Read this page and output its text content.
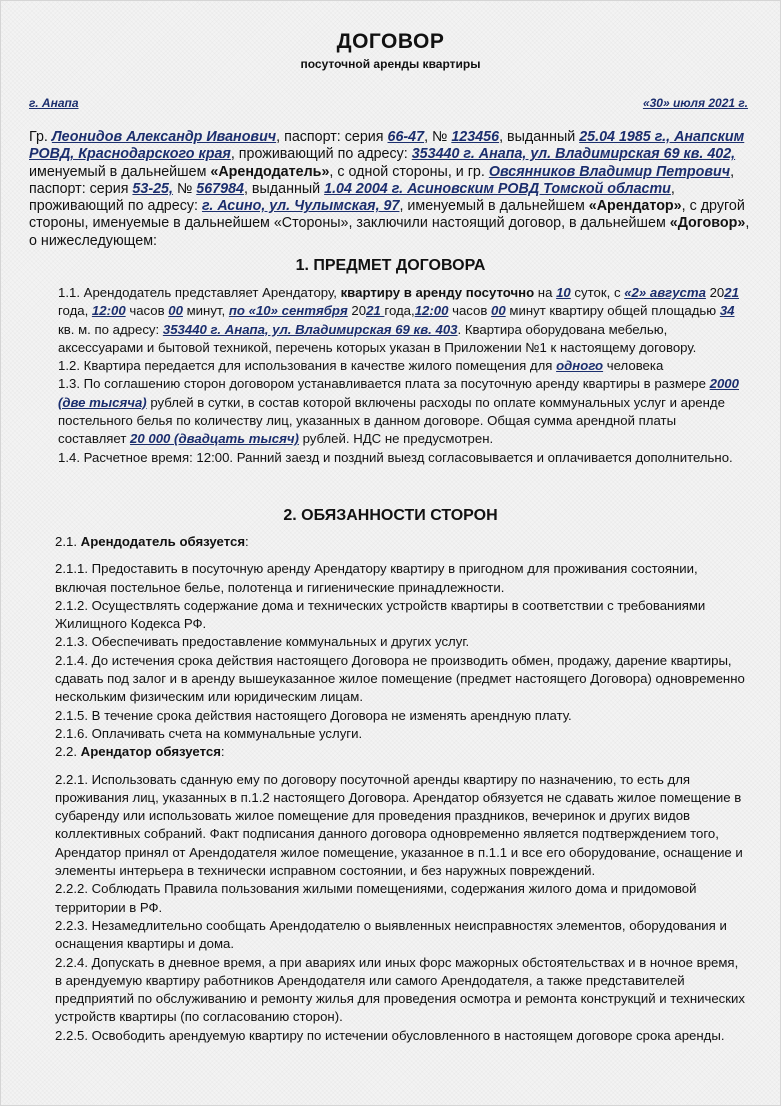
ДОГОВОР
посуточной аренды квартиры
г. Анапа	«30» июля 2021 г.
Гр. Леонидов Александр Иванович, паспорт: серия 66-47, № 123456, выданный 25.04 1985 г., Анапским РОВД, Краснодарского края, проживающий по адресу: 353440 г. Анапа, ул. Владимирская 69 кв. 402, именуемый в дальнейшем «Арендодатель», с одной стороны, и гр. Овсянников Владимир Петрович, паспорт: серия 53-25, № 567984, выданный 1.04 2004 г. Асиновским РОВД Томской области, проживающий по адресу: г. Асино, ул. Чулымская, 97, именуемый в дальнейшем «Арендатор», с другой стороны, именуемые в дальнейшем «Стороны», заключили настоящий договор, в дальнейшем «Договор», о нижеследующем:
1. ПРЕДМЕТ ДОГОВОРА

1.1. Арендодатель представляет Арендатору, квартиру в аренду посуточно на 10 суток, с «2» августа 2021 года, 12:00 часов 00 минут, по «10» сентября 2021 года,12:00 часов 00 минут квартиру общей площадью 34 кв. м. по адресу: 353440 г. Анапа, ул. Владимирская 69 кв. 403. Квартира оборудована мебелью, аксессуарами и бытовой техникой, перечень которых указан в Приложении №1 к настоящему договору.

1.2. Квартира передается для использования в качестве жилого помещения для одного человека

1.3. По соглашению сторон договором устанавливается плата за посуточную аренду квартиры в размере 2000 (две тысяча) рублей в сутки, в состав которой включены расходы по оплате коммунальных услуг и аренде постельного белья по количеству лиц, указанных в данном договоре. Общая сумма арендной платы составляет 20 000 (двадцать тысяч) рублей. НДС не предусмотрен.

1.4. Расчетное время: 12:00. Ранний заезд и поздний выезд согласовывается и оплачивается дополнительно.

2. ОБЯЗАННОСТИ СТОРОН

2.1. Арендодатель обязуется:

2.1.1. Предоставить в посуточную аренду Арендатору квартиру в пригодном для проживания состоянии, включая постельное белье, полотенца и гигиенические принадлежности.

2.1.2. Осуществлять содержание дома и технических устройств квартиры в соответствии с требованиями Жилищного Кодекса РФ.

2.1.3. Обеспечивать предоставление коммунальных и других услуг.

2.1.4. До истечения срока действия настоящего Договора не производить обмен, продажу, дарение квартиры, сдавать под залог и в аренду вышеуказанное жилое помещение (предмет настоящего Договора) одновременно нескольким физическим или юридическим лицам.

2.1.5. В течение срока действия настоящего Договора не изменять арендную плату.

2.1.6. Оплачивать счета на коммунальные услуги.

2.2. Арендатор обязуется:

2.2.1. Использовать сданную ему по договору посуточной аренды квартиру по назначению, то есть для проживания лиц, указанных в п.1.2 настоящего Договора. Арендатор обязуется не сдавать жилое помещение в субаренду или использовать жилое помещение для проведения праздников, вечеринок и других видов коллективных собраний. Факт подписания данного договора одновременно является подтверждением того, Арендатор принял от Арендодателя жилое помещение, указанное в п.1.1 и все его оборудование, оснащение и элементы интерьера в технически исправном состоянии, и без наружных повреждений.

2.2.2. Соблюдать Правила пользования жилыми помещениями, содержания жилого дома и придомовой территории в РФ.

2.2.3. Незамедлительно сообщать Арендодателю о выявленных неисправностях элементов, оборудования и оснащения квартиры и дома.

2.2.4. Допускать в дневное время, а при авариях или иных форс мажорных обстоятельствах и в ночное время, в арендуемую квартиру работников Арендодателя или самого Арендодателя, а также представителей предприятий по обслуживанию и ремонту жилья для проведения осмотра и ремонта конструкций и технических устройств квартиры (по согласованию сторон).

2.2.5. Освободить арендуемую квартиру по истечении обусловленного в настоящем договоре срока аренды.
